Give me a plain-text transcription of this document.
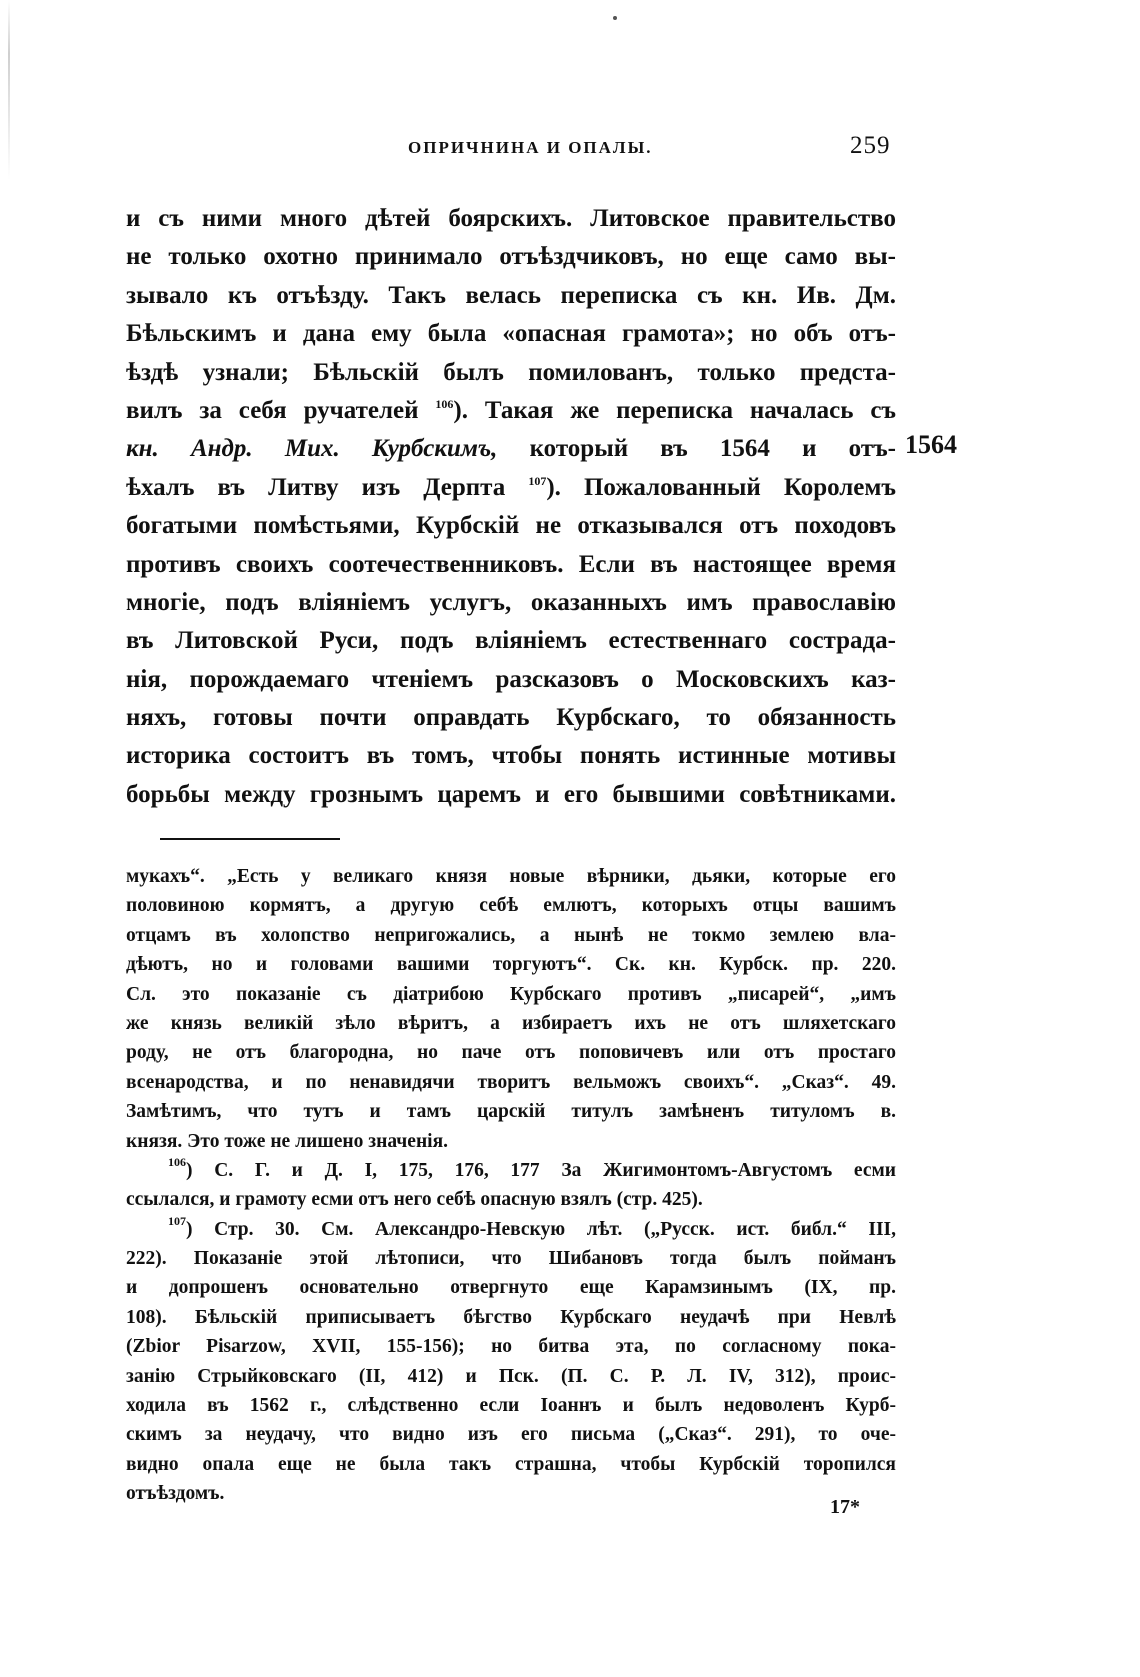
ОПРИЧНИНА И ОПАЛЫ.	259
и съ ними много дѣтей боярскихъ. Литовское правительство
не только охотно принимало отъѣздчиковъ, но еще само вы-
зывало къ отъѣзду. Такъ велась переписка съ кн. Ив. Дм.
Бѣльскимъ и дана ему была «опасная грамота»; но объ отъ-
ѣздѣ узнали; Бѣльскій былъ помилованъ, только предста-
вилъ за себя ручателей $^{106}$). Такая же переписка началась съ
кн. Андр. Мих. Курбскимъ, который въ 1564 и отъ-
ѣхалъ въ Литву изъ Дерпта $^{107}$). Пожалованный Королемъ
богатыми помѣстьями, Курбскій не отказывался отъ походовъ
противъ своихъ соотечественниковъ. Если въ настоящее время
многіе, подъ вліяніемъ услугъ, оказанныхъ имъ православію
въ Литовской Руси, подъ вліяніемъ естественнаго сострада-
нія, порождаемаго чтеніемъ разсказовъ о Московскихъ каз-
няхъ, готовы почти оправдать Курбскаго, то обязанность
историка состоитъ въ томъ, чтобы понять истинные мотивы
борьбы между грознымъ царемъ и его бывшими совѣтниками.
1564
мукахъ“. „Есть у великаго князя новые вѣрники, дьяки, которые его
половиною кормятъ, а другую себѣ емлютъ, которыхъ отцы вашимъ
отцамъ въ холопство непригожались, а нынѣ не токмо землею вла-
дѣютъ, но и головами вашими торгуютъ“. Ск. кн. Курбск. пр. 220.
Сл. это показаніе съ діатрибою Курбскаго противъ „писарей“, „имъ
же князь великій зѣло вѣритъ, а избираетъ ихъ не отъ шляхетскаго
роду, не отъ благородна, но паче отъ поповичевъ или отъ простаго
всенародства, и по ненавидячи творитъ вельможъ своихъ“. „Сказ“. 49.
Замѣтимъ, что тутъ и тамъ царскій титулъ замѣненъ титуломъ в.
князя. Это тоже не лишено значенія.
$^{106}$) С. Г. и Д. I, 175, 176, 177 За Жигимонтомъ-Августомъ есми
ссылался, и грамоту есми отъ него себѣ опасную взялъ (стр. 425).
$^{107}$) Стр. 30. См. Александро-Невскую лѣт. („Русск. ист. библ.“ III,
222). Показаніе этой лѣтописи, что Шибановъ тогда былъ пойманъ
и допрошенъ основательно отвергнуто еще Карамзинымъ (IX, пр.
108). Бѣльскій приписываетъ бѣгство Курбскаго неудачѣ при Невлѣ
(Zbior Pisarzow, XVII, 155-156); но битва эта, по согласному пока-
занію Стрыйковскаго (II, 412) и Пск. (П. С. Р. Л. IV, 312), проис-
ходила въ 1562 г., слѣдственно если Іоаннъ и былъ недоволенъ Курб-
скимъ за неудачу, что видно изъ его письма („Сказ“. 291), то оче-
видно опала еще не была такъ страшна, чтобы Курбскій торопился
отъѣздомъ.
17*
